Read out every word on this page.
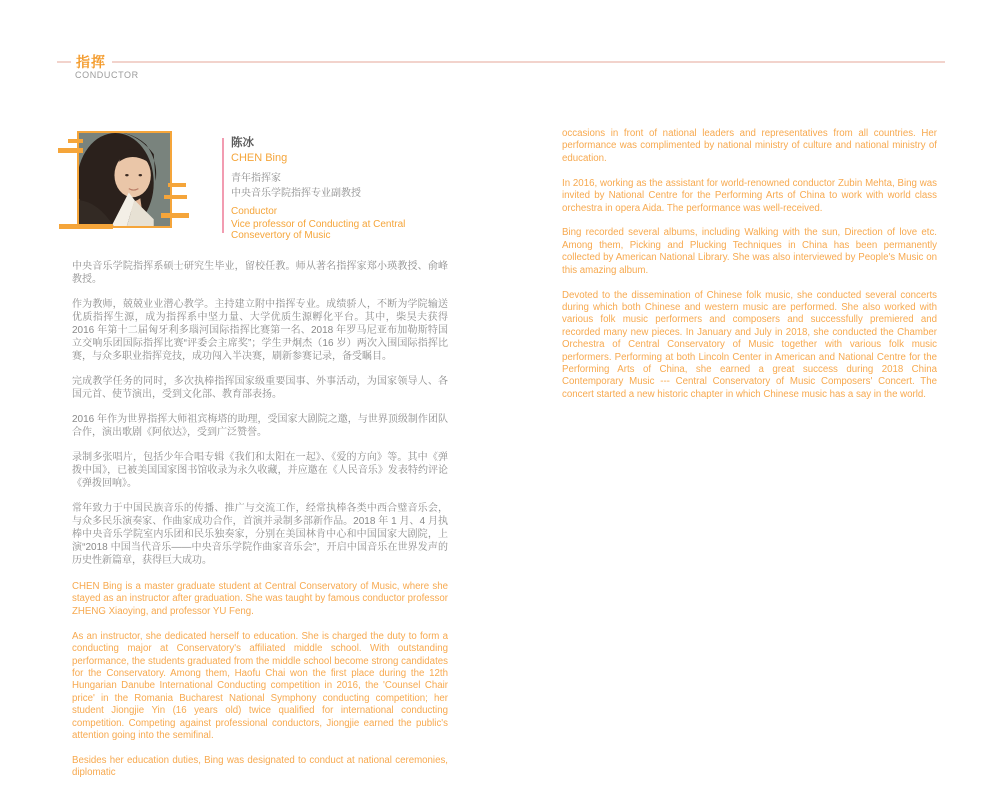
指挥
CONDUCTOR
陈冰
CHEN Bing
青年指挥家
中央音乐学院指挥专业副教授
Conductor
Vice professor of Conducting at Central Consevertory of Music

中央音乐学院指挥系硕士研究生毕业，留校任教。师从著名指挥家郑小瑛教授、俞峰教授。

作为教师，兢兢业业潜心教学。主持建立附中指挥专业。成绩骄人，不断为学院输送优质指挥生源，成为指挥系中坚力量、大学优质生源孵化平台。其中，柴昊夫获得 2016 年第十二届匈牙利多瑙河国际指挥比赛第一名、2018 年罗马尼亚布加勒斯特国立交响乐团国际指挥比赛“评委会主席奖”；学生尹炯杰（16 岁）两次入围国际指挥比赛，与众多职业指挥竞技，成功闯入半决赛，刷新参赛记录，备受瞩目。

完成教学任务的同时，多次执棒指挥国家级重要国事、外事活动，为国家领导人、各国元首、使节演出，受到文化部、教育部表扬。

2016 年作为世界指挥大师祖宾梅塔的助理，受国家大剧院之邀，与世界顶级制作团队合作，演出歌剧《阿依达》，受到广泛赞誉。

录制多张唱片，包括少年合唱专辑《我们和太阳在一起》、《爱的方向》等。其中《弹拨中国》，已被美国国家图书馆收录为永久收藏，并应邀在《人民音乐》发表特约评论《弹拨回响》。

常年致力于中国民族音乐的传播、推广与交流工作，经常执棒各类中西合璧音乐会，与众多民乐演奏家、作曲家成功合作，首演并录制多部新作品。2018 年 1 月、4 月执棒中央音乐学院室内乐团和民乐独奏家，分别在美国林肯中心和中国国家大剧院，上演“2018 中国当代音乐——中央音乐学院作曲家音乐会”，开启中国音乐在世界发声的历史性新篇章，获得巨大成功。

CHEN Bing is a master graduate student at Central Conservatory of Music, where she stayed as an instructor after graduation. She was taught by famous conductor professor ZHENG Xiaoying, and professor YU Feng.

As an instructor, she dedicated herself to education. She is charged the duty to form a conducting major at Conservatory's affiliated middle school. With outstanding performance, the students graduated from the middle school become strong candidates for the Conservatory. Among them, Haofu Chai won the first place during the 12th Hungarian Danube International Conducting competition in 2016, the 'Counsel Chair price' in the Romania Bucharest National Symphony conducting competition; her student Jiongjie Yin (16 years old) twice qualified for international conducting competition. Competing against professional conductors, Jiongjie earned the public's attention going into the semifinal.

Besides her education duties, Bing was designated to conduct at national ceremonies, diplomatic

occasions in front of national leaders and representatives from all countries. Her performance was complimented by national ministry of culture and national ministry of education.

In 2016, working as the assistant for world-renowned conductor Zubin Mehta, Bing was invited by National Centre for the Performing Arts of China to work with world class orchestra in opera Aida. The performance was well-received.

Bing recorded several albums, including Walking with the sun, Direction of love etc. Among them, Picking and Plucking Techniques in China has been permanently collected by American National Library. She was also interviewed by People's Music on this amazing album.

Devoted to the dissemination of Chinese folk music, she conducted several concerts during which both Chinese and western music are performed. She also worked with various folk music performers and composers and successfully premiered and recorded many new pieces. In January and July in 2018, she conducted the Chamber Orchestra of Central Conservatory of Music together with various folk music performers. Performing at both Lincoln Center in American and National Centre for the Performing Arts of China, she earned a great success during 2018 China Contemporary Music --- Central Conservatory of Music Composers' Concert. The concert started a new historic chapter in which Chinese music has a say in the world.
